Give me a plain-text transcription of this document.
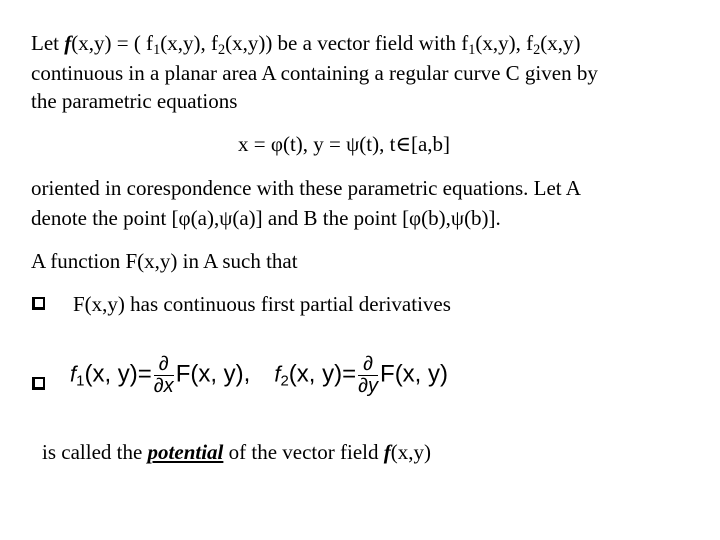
Let f(x,y) = ( $f_1(x,y)$, $f_2(x,y)$) be a vector field with $f_1(x,y)$, $f_2(x,y)$
continuous in a planar area A containing a regular curve C given by
the parametric equations
x = φ(t), y = ψ(t), t∈[a,b]
oriented in corespondence with these parametric equations. Let A
denote the point [φ(a),ψ(a)] and B the point [φ(b),ψ(b)].
A function F(x,y) in A such that
F(x,y) has continuous first partial derivatives
$f_1(x$, $y)= \frac{\partial}{\partial x} F(x$, y), $f_2(x$, $y)= \frac{\partial}{\partial y} F(x$, y)
is called the potential of the vector field f(x,y)
